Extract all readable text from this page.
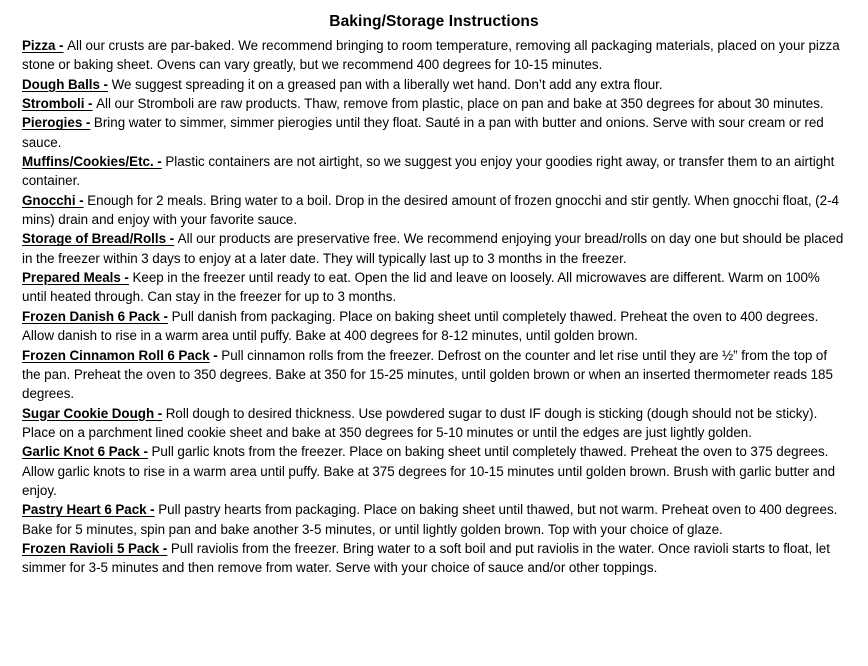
Baking/Storage Instructions

Pizza - All our crusts are par-baked. We recommend bringing to room temperature, removing all packaging materials, placed on your pizza stone or baking sheet. Ovens can vary greatly, but we recommend 400 degrees for 10-15 minutes.

Dough Balls - We suggest spreading it on a greased pan with a liberally wet hand. Don’t add any extra flour.

Stromboli - All our Stromboli are raw products. Thaw, remove from plastic, place on pan and bake at 350 degrees for about 30 minutes.

Pierogies - Bring water to simmer, simmer pierogies until they float. Sauté in a pan with butter and onions. Serve with sour cream or red sauce.

Muffins/Cookies/Etc. - Plastic containers are not airtight, so we suggest you enjoy your goodies right away, or transfer them to an airtight container.

Gnocchi - Enough for 2 meals. Bring water to a boil. Drop in the desired amount of frozen gnocchi and stir gently. When gnocchi float, (2-4 mins) drain and enjoy with your favorite sauce.

Storage of Bread/Rolls - All our products are preservative free. We recommend enjoying your bread/rolls on day one but should be placed in the freezer within 3 days to enjoy at a later date. They will typically last up to 3 months in the freezer.

Prepared Meals - Keep in the freezer until ready to eat. Open the lid and leave on loosely. All microwaves are different. Warm on 100% until heated through. Can stay in the freezer for up to 3 months.

Frozen Danish 6 Pack - Pull danish from packaging. Place on baking sheet until completely thawed. Preheat the oven to 400 degrees. Allow danish to rise in a warm area until puffy. Bake at 400 degrees for 8-12 minutes, until golden brown.

Frozen Cinnamon Roll 6 Pack - Pull cinnamon rolls from the freezer. Defrost on the counter and let rise until they are ½” from the top of the pan. Preheat the oven to 350 degrees. Bake at 350 for 15-25 minutes, until golden brown or when an inserted thermometer reads 185 degrees.

Sugar Cookie Dough - Roll dough to desired thickness. Use powdered sugar to dust IF dough is sticking (dough should not be sticky). Place on a parchment lined cookie sheet and bake at 350 degrees for 5-10 minutes or until the edges are just lightly golden.

Garlic Knot 6 Pack - Pull garlic knots from the freezer. Place on baking sheet until completely thawed. Preheat the oven to 375 degrees. Allow garlic knots to rise in a warm area until puffy. Bake at 375 degrees for 10-15 minutes until golden brown. Brush with garlic butter and enjoy.

Pastry Heart 6 Pack - Pull pastry hearts from packaging. Place on baking sheet until thawed, but not warm. Preheat oven to 400 degrees. Bake for 5 minutes, spin pan and bake another 3-5 minutes, or until lightly golden brown. Top with your choice of glaze.

Frozen Ravioli 5 Pack - Pull raviolis from the freezer. Bring water to a soft boil and put raviolis in the water. Once ravioli starts to float, let simmer for 3-5 minutes and then remove from water. Serve with your choice of sauce and/or other toppings.
